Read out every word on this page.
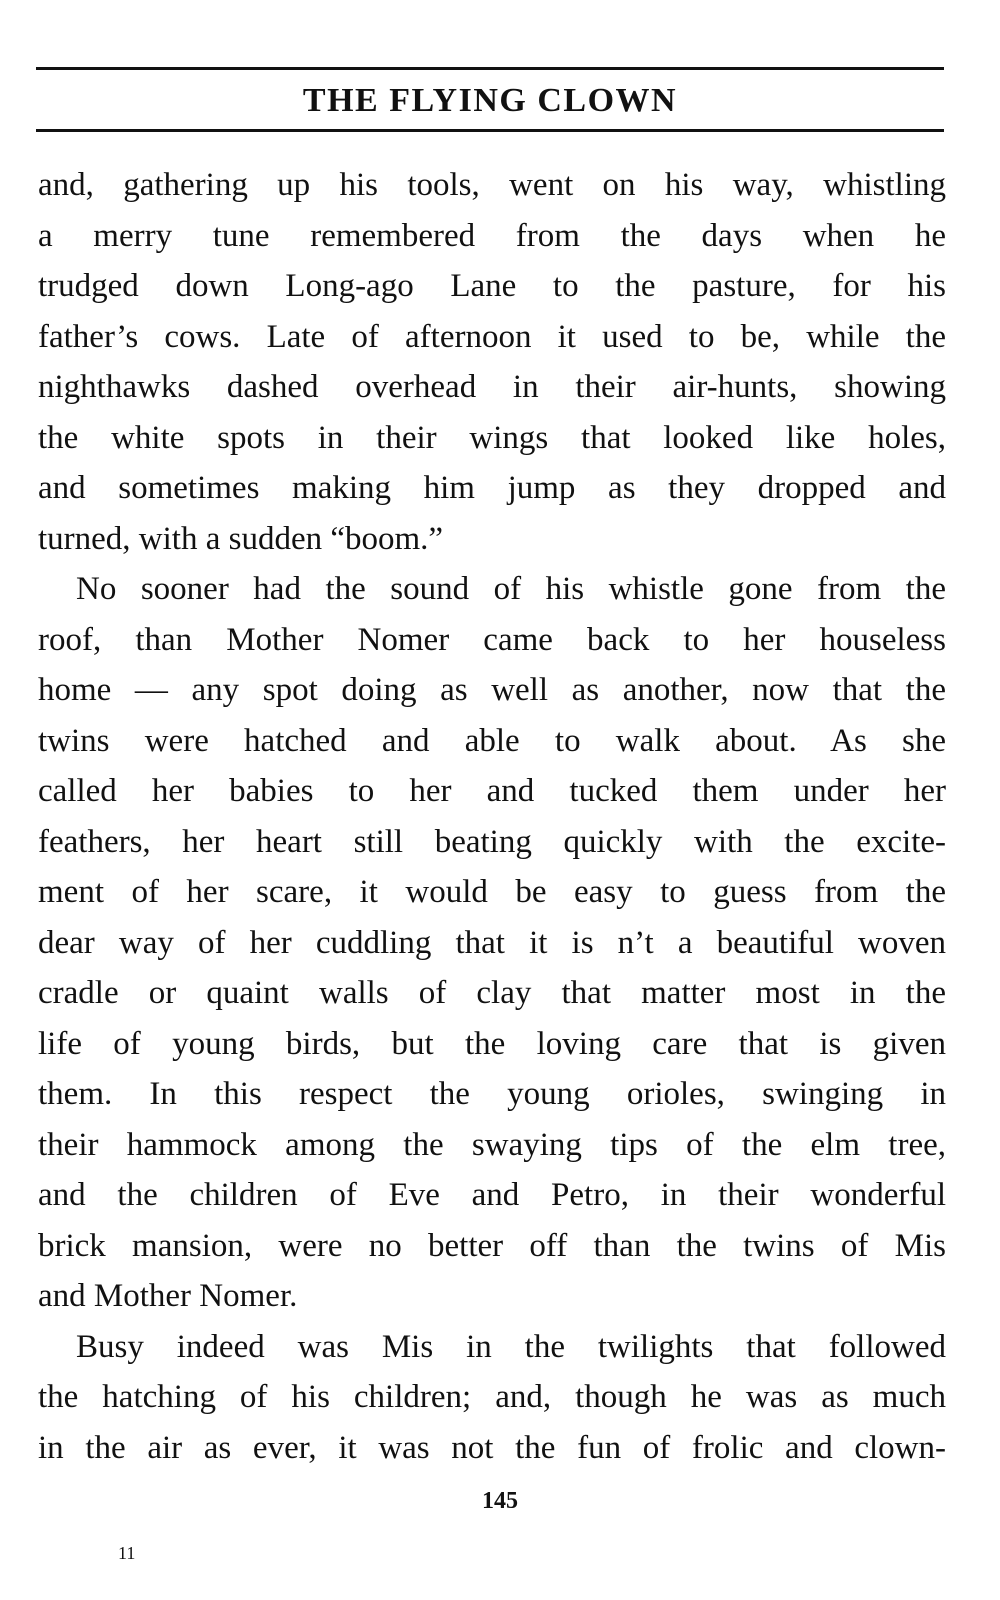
THE FLYING CLOWN
and, gathering up his tools, went on his way, whistling
a merry tune remembered from the days when he
trudged down Long-ago Lane to the pasture, for his
father’s cows. Late of afternoon it used to be, while the
nighthawks dashed overhead in their air-hunts, showing
the white spots in their wings that looked like holes,
and sometimes making him jump as they dropped and
turned, with a sudden “boom.”
No sooner had the sound of his whistle gone from the
roof, than Mother Nomer came back to her houseless
home — any spot doing as well as another, now that the
twins were hatched and able to walk about. As she
called her babies to her and tucked them under her
feathers, her heart still beating quickly with the excite-
ment of her scare, it would be easy to guess from the
dear way of her cuddling that it is n’t a beautiful woven
cradle or quaint walls of clay that matter most in the
life of young birds, but the loving care that is given
them. In this respect the young orioles, swinging in
their hammock among the swaying tips of the elm tree,
and the children of Eve and Petro, in their wonderful
brick mansion, were no better off than the twins of Mis
and Mother Nomer.
Busy indeed was Mis in the twilights that followed
the hatching of his children; and, though he was as much
in the air as ever, it was not the fun of frolic and clown-
145
11
